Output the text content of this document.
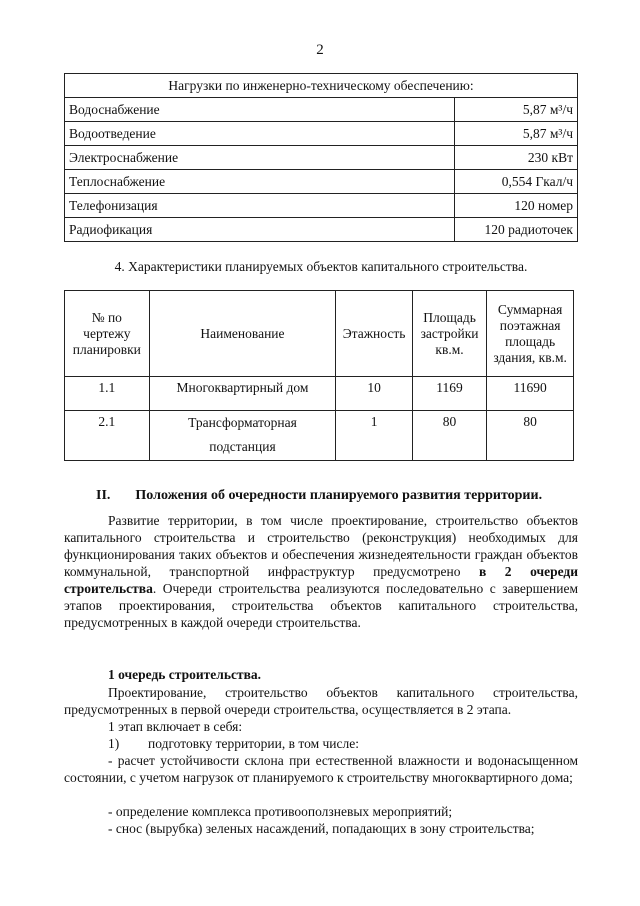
2
Нагрузки по инженерно-техническому обеспечению:	
Водоснабжение	5,87 м³/ч
Водоотведение	5,87 м³/ч
Электроснабжение	230 кВт
Теплоснабжение	0,554 Гкал/ч
Телефонизация	120 номер
Радиофикация	120 радиоточек
4. Характеристики планируемых объектов капитального строительства.
№ по чертежу планировки	Наименование	Этажность	Площадь застройки кв.м.	Суммарная поэтажная площадь здания, кв.м.
1.1	Многоквартирный дом	10	1169	11690
2.1	Трансформаторная подстанция	1	80	80
II. Положения об очередности планируемого развития территории.
Развитие территории, в том числе проектирование, строительство объектов капитального строительства и строительство (реконструкция) необходимых для функционирования таких объектов и обеспечения жизнедеятельности граждан объектов коммунальной, транспортной инфраструктур предусмотрено в 2 очереди строительства. Очереди строительства реализуются последовательно с завершением этапов проектирования, строительства объектов капитального строительства, предусмотренных в каждой очереди строительства.
1 очередь строительства.
Проектирование, строительство объектов капитального строительства, предусмотренных в первой очереди строительства, осуществляется в 2 этапа.
1 этап включает в себя:
1) подготовку территории, в том числе:
- расчет устойчивости склона при естественной влажности и водонасыщенном состоянии, с учетом нагрузок от планируемого к строительству многоквартирного дома;
- определение комплекса противооползневых мероприятий;
- снос (вырубка) зеленых насаждений, попадающих в зону строительства;
